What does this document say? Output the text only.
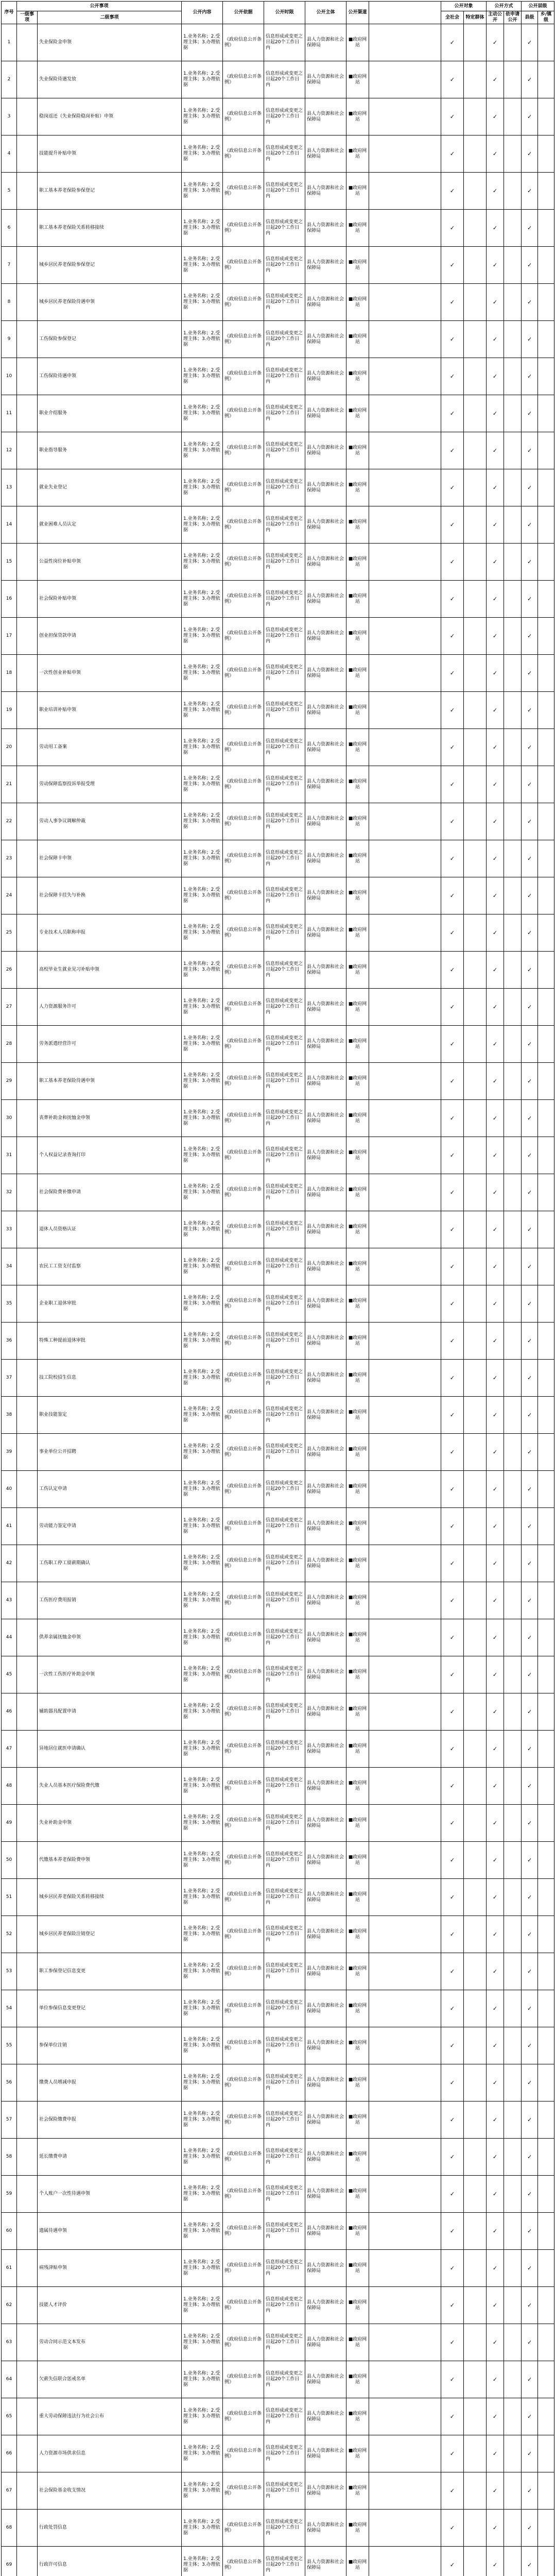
序号	公开事项		公开内容	公开依据	公开时限	公开主体	公开渠道		公开对象		公开方式		公开层级	
	一级事项	二级事项							全社会	特定群体	主动公开	依申请公开	县级	乡/镇级
1		失业保险金申领	1.业务名称；2.受理主体；3.办理依据	《政府信息公开条例》	信息形成或变更之日起20个工作日内	县人力资源和社会保障局	■政府网站		✓		✓		✓	
2		失业保险待遇发放	1.业务名称；2.受理主体；3.办理依据	《政府信息公开条例》	信息形成或变更之日起20个工作日内	县人力资源和社会保障局	■政府网站		✓		✓		✓	
3		稳岗返还（失业保险稳岗补贴）申领	1.业务名称；2.受理主体；3.办理依据	《政府信息公开条例》	信息形成或变更之日起20个工作日内	县人力资源和社会保障局	■政府网站		✓		✓		✓	
4		技能提升补贴申领	1.业务名称；2.受理主体；3.办理依据	《政府信息公开条例》	信息形成或变更之日起20个工作日内	县人力资源和社会保障局	■政府网站		✓		✓		✓	
5		职工基本养老保险参保登记	1.业务名称；2.受理主体；3.办理依据	《政府信息公开条例》	信息形成或变更之日起20个工作日内	县人力资源和社会保障局	■政府网站		✓		✓		✓	
6		职工基本养老保险关系转移接续	1.业务名称；2.受理主体；3.办理依据	《政府信息公开条例》	信息形成或变更之日起20个工作日内	县人力资源和社会保障局	■政府网站		✓		✓		✓	
7		城乡居民养老保险参保登记	1.业务名称；2.受理主体；3.办理依据	《政府信息公开条例》	信息形成或变更之日起20个工作日内	县人力资源和社会保障局	■政府网站		✓		✓		✓	
8		城乡居民养老保险待遇申领	1.业务名称；2.受理主体；3.办理依据	《政府信息公开条例》	信息形成或变更之日起20个工作日内	县人力资源和社会保障局	■政府网站		✓		✓		✓	
9		工伤保险参保登记	1.业务名称；2.受理主体；3.办理依据	《政府信息公开条例》	信息形成或变更之日起20个工作日内	县人力资源和社会保障局	■政府网站		✓		✓		✓	
10		工伤保险待遇申领	1.业务名称；2.受理主体；3.办理依据	《政府信息公开条例》	信息形成或变更之日起20个工作日内	县人力资源和社会保障局	■政府网站		✓		✓		✓	
11		职业介绍服务	1.业务名称；2.受理主体；3.办理依据	《政府信息公开条例》	信息形成或变更之日起20个工作日内	县人力资源和社会保障局	■政府网站		✓		✓		✓	
12		职业指导服务	1.业务名称；2.受理主体；3.办理依据	《政府信息公开条例》	信息形成或变更之日起20个工作日内	县人力资源和社会保障局	■政府网站		✓		✓		✓	
13		就业失业登记	1.业务名称；2.受理主体；3.办理依据	《政府信息公开条例》	信息形成或变更之日起20个工作日内	县人力资源和社会保障局	■政府网站		✓		✓		✓	
14		就业困难人员认定	1.业务名称；2.受理主体；3.办理依据	《政府信息公开条例》	信息形成或变更之日起20个工作日内	县人力资源和社会保障局	■政府网站		✓		✓		✓	
15		公益性岗位补贴申领	1.业务名称；2.受理主体；3.办理依据	《政府信息公开条例》	信息形成或变更之日起20个工作日内	县人力资源和社会保障局	■政府网站		✓		✓		✓	
16		社会保险补贴申领	1.业务名称；2.受理主体；3.办理依据	《政府信息公开条例》	信息形成或变更之日起20个工作日内	县人力资源和社会保障局	■政府网站		✓		✓		✓	
17		创业担保贷款申请	1.业务名称；2.受理主体；3.办理依据	《政府信息公开条例》	信息形成或变更之日起20个工作日内	县人力资源和社会保障局	■政府网站		✓		✓		✓	
18		一次性创业补贴申领	1.业务名称；2.受理主体；3.办理依据	《政府信息公开条例》	信息形成或变更之日起20个工作日内	县人力资源和社会保障局	■政府网站		✓		✓		✓	
19		职业培训补贴申领	1.业务名称；2.受理主体；3.办理依据	《政府信息公开条例》	信息形成或变更之日起20个工作日内	县人力资源和社会保障局	■政府网站		✓		✓		✓	
20		劳动用工备案	1.业务名称；2.受理主体；3.办理依据	《政府信息公开条例》	信息形成或变更之日起20个工作日内	县人力资源和社会保障局	■政府网站		✓		✓		✓	
21		劳动保障监察投诉举报受理	1.业务名称；2.受理主体；3.办理依据	《政府信息公开条例》	信息形成或变更之日起20个工作日内	县人力资源和社会保障局	■政府网站		✓		✓		✓	
22		劳动人事争议调解仲裁	1.业务名称；2.受理主体；3.办理依据	《政府信息公开条例》	信息形成或变更之日起20个工作日内	县人力资源和社会保障局	■政府网站		✓		✓		✓	
23		社会保障卡申领	1.业务名称；2.受理主体；3.办理依据	《政府信息公开条例》	信息形成或变更之日起20个工作日内	县人力资源和社会保障局	■政府网站		✓		✓		✓	
24		社会保障卡挂失与补换	1.业务名称；2.受理主体；3.办理依据	《政府信息公开条例》	信息形成或变更之日起20个工作日内	县人力资源和社会保障局	■政府网站		✓		✓		✓	
25		专业技术人员职称申报	1.业务名称；2.受理主体；3.办理依据	《政府信息公开条例》	信息形成或变更之日起20个工作日内	县人力资源和社会保障局	■政府网站		✓		✓		✓	
26		高校毕业生就业见习补贴申领	1.业务名称；2.受理主体；3.办理依据	《政府信息公开条例》	信息形成或变更之日起20个工作日内	县人力资源和社会保障局	■政府网站		✓		✓		✓	
27		人力资源服务许可	1.业务名称；2.受理主体；3.办理依据	《政府信息公开条例》	信息形成或变更之日起20个工作日内	县人力资源和社会保障局	■政府网站		✓		✓		✓	
28		劳务派遣经营许可	1.业务名称；2.受理主体；3.办理依据	《政府信息公开条例》	信息形成或变更之日起20个工作日内	县人力资源和社会保障局	■政府网站		✓		✓		✓	
29		职工基本养老保险待遇申领	1.业务名称；2.受理主体；3.办理依据	《政府信息公开条例》	信息形成或变更之日起20个工作日内	县人力资源和社会保障局	■政府网站		✓		✓		✓	
30		丧葬补助金和抚恤金申领	1.业务名称；2.受理主体；3.办理依据	《政府信息公开条例》	信息形成或变更之日起20个工作日内	县人力资源和社会保障局	■政府网站		✓		✓		✓	
31		个人权益记录查询打印	1.业务名称；2.受理主体；3.办理依据	《政府信息公开条例》	信息形成或变更之日起20个工作日内	县人力资源和社会保障局	■政府网站		✓		✓		✓	
32		社会保险费补缴申请	1.业务名称；2.受理主体；3.办理依据	《政府信息公开条例》	信息形成或变更之日起20个工作日内	县人力资源和社会保障局	■政府网站		✓		✓		✓	
33		退休人员资格认证	1.业务名称；2.受理主体；3.办理依据	《政府信息公开条例》	信息形成或变更之日起20个工作日内	县人力资源和社会保障局	■政府网站		✓		✓		✓	
34		农民工工资支付监察	1.业务名称；2.受理主体；3.办理依据	《政府信息公开条例》	信息形成或变更之日起20个工作日内	县人力资源和社会保障局	■政府网站		✓		✓		✓	
35		企业职工退休审批	1.业务名称；2.受理主体；3.办理依据	《政府信息公开条例》	信息形成或变更之日起20个工作日内	县人力资源和社会保障局	■政府网站		✓		✓		✓	
36		特殊工种提前退休审批	1.业务名称；2.受理主体；3.办理依据	《政府信息公开条例》	信息形成或变更之日起20个工作日内	县人力资源和社会保障局	■政府网站		✓		✓		✓	
37		技工院校招生信息	1.业务名称；2.受理主体；3.办理依据	《政府信息公开条例》	信息形成或变更之日起20个工作日内	县人力资源和社会保障局	■政府网站		✓		✓		✓	
38		职业技能鉴定	1.业务名称；2.受理主体；3.办理依据	《政府信息公开条例》	信息形成或变更之日起20个工作日内	县人力资源和社会保障局	■政府网站		✓		✓		✓	
39		事业单位公开招聘	1.业务名称；2.受理主体；3.办理依据	《政府信息公开条例》	信息形成或变更之日起20个工作日内	县人力资源和社会保障局	■政府网站		✓		✓		✓	
40		工伤认定申请	1.业务名称；2.受理主体；3.办理依据	《政府信息公开条例》	信息形成或变更之日起20个工作日内	县人力资源和社会保障局	■政府网站		✓		✓		✓	
41		劳动能力鉴定申请	1.业务名称；2.受理主体；3.办理依据	《政府信息公开条例》	信息形成或变更之日起20个工作日内	县人力资源和社会保障局	■政府网站		✓		✓		✓	
42		工伤职工停工留薪期确认	1.业务名称；2.受理主体；3.办理依据	《政府信息公开条例》	信息形成或变更之日起20个工作日内	县人力资源和社会保障局	■政府网站		✓		✓		✓	
43		工伤医疗费用报销	1.业务名称；2.受理主体；3.办理依据	《政府信息公开条例》	信息形成或变更之日起20个工作日内	县人力资源和社会保障局	■政府网站		✓		✓		✓	
44		供养亲属抚恤金申领	1.业务名称；2.受理主体；3.办理依据	《政府信息公开条例》	信息形成或变更之日起20个工作日内	县人力资源和社会保障局	■政府网站		✓		✓		✓	
45		一次性工伤医疗补助金申领	1.业务名称；2.受理主体；3.办理依据	《政府信息公开条例》	信息形成或变更之日起20个工作日内	县人力资源和社会保障局	■政府网站		✓		✓		✓	
46		辅助器具配置申请	1.业务名称；2.受理主体；3.办理依据	《政府信息公开条例》	信息形成或变更之日起20个工作日内	县人力资源和社会保障局	■政府网站		✓		✓		✓	
47		异地居住就医申请确认	1.业务名称；2.受理主体；3.办理依据	《政府信息公开条例》	信息形成或变更之日起20个工作日内	县人力资源和社会保障局	■政府网站		✓		✓		✓	
48		失业人员基本医疗保险费代缴	1.业务名称；2.受理主体；3.办理依据	《政府信息公开条例》	信息形成或变更之日起20个工作日内	县人力资源和社会保障局	■政府网站		✓		✓		✓	
49		失业补助金申领	1.业务名称；2.受理主体；3.办理依据	《政府信息公开条例》	信息形成或变更之日起20个工作日内	县人力资源和社会保障局	■政府网站		✓		✓		✓	
50		代缴基本养老保险费申领	1.业务名称；2.受理主体；3.办理依据	《政府信息公开条例》	信息形成或变更之日起20个工作日内	县人力资源和社会保障局	■政府网站		✓		✓		✓	
51		城乡居民养老保险关系转移接续	1.业务名称；2.受理主体；3.办理依据	《政府信息公开条例》	信息形成或变更之日起20个工作日内	县人力资源和社会保障局	■政府网站		✓		✓		✓	
52		城乡居民养老保险注销登记	1.业务名称；2.受理主体；3.办理依据	《政府信息公开条例》	信息形成或变更之日起20个工作日内	县人力资源和社会保障局	■政府网站		✓		✓		✓	
53		职工参保登记信息变更	1.业务名称；2.受理主体；3.办理依据	《政府信息公开条例》	信息形成或变更之日起20个工作日内	县人力资源和社会保障局	■政府网站		✓		✓		✓	
54		单位参保信息变更登记	1.业务名称；2.受理主体；3.办理依据	《政府信息公开条例》	信息形成或变更之日起20个工作日内	县人力资源和社会保障局	■政府网站		✓		✓		✓	
55		参保单位注销	1.业务名称；2.受理主体；3.办理依据	《政府信息公开条例》	信息形成或变更之日起20个工作日内	县人力资源和社会保障局	■政府网站		✓		✓		✓	
56		缴费人员增减申报	1.业务名称；2.受理主体；3.办理依据	《政府信息公开条例》	信息形成或变更之日起20个工作日内	县人力资源和社会保障局	■政府网站		✓		✓		✓	
57		社会保险缴费申报	1.业务名称；2.受理主体；3.办理依据	《政府信息公开条例》	信息形成或变更之日起20个工作日内	县人力资源和社会保障局	■政府网站		✓		✓		✓	
58		延长缴费申请	1.业务名称；2.受理主体；3.办理依据	《政府信息公开条例》	信息形成或变更之日起20个工作日内	县人力资源和社会保障局	■政府网站		✓		✓		✓	
59		个人账户一次性待遇申领	1.业务名称；2.受理主体；3.办理依据	《政府信息公开条例》	信息形成或变更之日起20个工作日内	县人力资源和社会保障局	■政府网站		✓		✓		✓	
60		遗属待遇申领	1.业务名称；2.受理主体；3.办理依据	《政府信息公开条例》	信息形成或变更之日起20个工作日内	县人力资源和社会保障局	■政府网站		✓		✓		✓	
61		病残津贴申领	1.业务名称；2.受理主体；3.办理依据	《政府信息公开条例》	信息形成或变更之日起20个工作日内	县人力资源和社会保障局	■政府网站		✓		✓		✓	
62		技能人才评价	1.业务名称；2.受理主体；3.办理依据	《政府信息公开条例》	信息形成或变更之日起20个工作日内	县人力资源和社会保障局	■政府网站		✓		✓		✓	
63		劳动合同示范文本发布	1.业务名称；2.受理主体；3.办理依据	《政府信息公开条例》	信息形成或变更之日起20个工作日内	县人力资源和社会保障局	■政府网站		✓		✓		✓	
64		欠薪失信联合惩戒名单	1.业务名称；2.受理主体；3.办理依据	《政府信息公开条例》	信息形成或变更之日起20个工作日内	县人力资源和社会保障局	■政府网站		✓		✓		✓	
65		重大劳动保障违法行为社会公布	1.业务名称；2.受理主体；3.办理依据	《政府信息公开条例》	信息形成或变更之日起20个工作日内	县人力资源和社会保障局	■政府网站		✓		✓		✓	
66		人力资源市场供求信息	1.业务名称；2.受理主体；3.办理依据	《政府信息公开条例》	信息形成或变更之日起20个工作日内	县人力资源和社会保障局	■政府网站		✓		✓		✓	
67		社会保险基金收支情况	1.业务名称；2.受理主体；3.办理依据	《政府信息公开条例》	信息形成或变更之日起20个工作日内	县人力资源和社会保障局	■政府网站		✓		✓		✓	
68		行政处罚信息	1.业务名称；2.受理主体；3.办理依据	《政府信息公开条例》	信息形成或变更之日起20个工作日内	县人力资源和社会保障局	■政府网站		✓		✓		✓	
69		行政许可信息	1.业务名称；2.受理主体；3.办理依据	《政府信息公开条例》	信息形成或变更之日起20个工作日内	县人力资源和社会保障局	■政府网站		✓		✓		✓	
